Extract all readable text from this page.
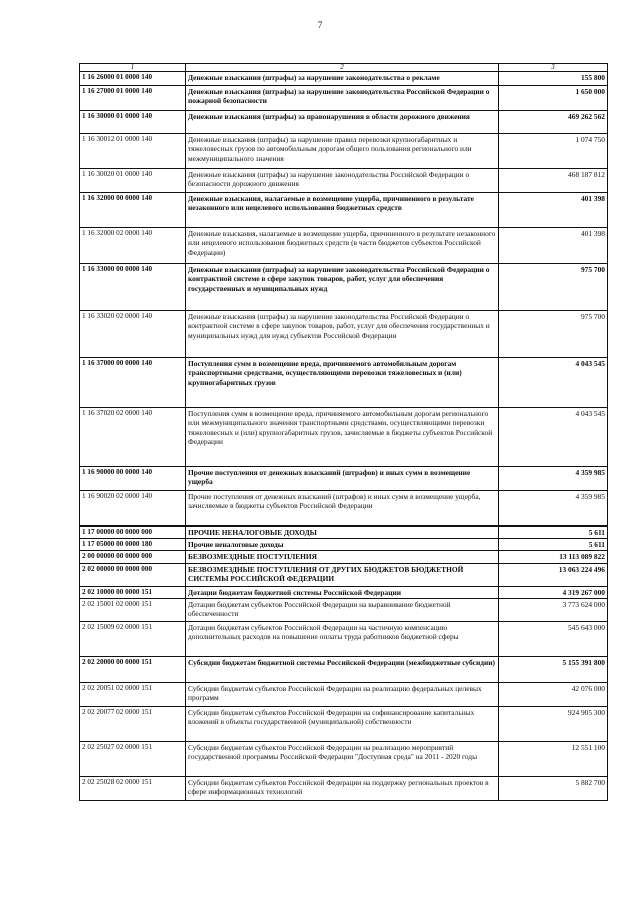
7
1	2	3
1 16 26000 01 0000 140	Денежные взыскания (штрафы) за нарушение законодательства о рекламе	155 800
1 16 27000 01 0000 140	Денежные взыскания (штрафы) за нарушение законодательства Российской Федерации о пожарной безопасности	1 650 000
1 16 30000 01 0000 140	Денежные взыскания (штрафы) за правонарушения в области дорожного движения	469 262 562
1 16 30012 01 0000 140	Денежные взыскания (штрафы) за нарушение правил перевозки крупногабаритных и тяжеловесных грузов по автомобильным дорогам общего пользования регионального или межмуниципального значения	1 074 750
1 16 30020 01 0000 140	Денежные взыскания (штрафы) за нарушение законодательства Российской Федерации о безопасности дорожного движения	468 187 812
1 16 32000 00 0000 140	Денежные взыскания, налагаемые в возмещение ущерба, причиненного в результате незаконного или нецелевого использования бюджетных средств	401 398
1 16 32000 02 0000 140	Денежные взыскания, налагаемые в возмещение ущерба, причиненного в результате незаконного или нецелевого использования бюджетных средств (в части бюджетов субъектов Российской Федерации)	401 398
1 16 33000 00 0000 140	Денежные взыскания (штрафы) за нарушение законодательства Российской Федерации о контрактной системе в сфере закупок товаров, работ, услуг для обеспечения государственных и муниципальных нужд	975 700
1 16 33020 02 0000 140	Денежные взыскания (штрафы) за нарушение законодательства Российской Федерации о контрактной системе в сфере закупок товаров, работ, услуг для обеспечения государственных и муниципальных нужд для нужд субъектов Российской Федерации	975 700
1 16 37000 00 0000 140	Поступления сумм в возмещение вреда, причиняемого автомобильным дорогам транспортными средствами, осуществляющими перевозки тяжеловесных и (или) крупногабаритных грузов	4 043 545
1 16 37020 02 0000 140	Поступления сумм в возмещение вреда, причиняемого автомобильным дорогам регионального или межмуниципального значения транспортными средствами, осуществляющими перевозки тяжеловесных и (или) крупногабаритных грузов, зачисляемые в бюджеты субъектов Российской Федерации	4 043 545
1 16 90000 00 0000 140	Прочие поступления от денежных взысканий (штрафов) и иных сумм в возмещение ущерба	4 359 985
1 16 90020 02 0000 140	Прочие поступления от денежных взысканий (штрафов) и иных сумм в возмещение ущерба, зачисляемые в бюджеты субъектов Российской Федерации	4 359 985
1 17 00000 00 0000 000	ПРОЧИЕ НЕНАЛОГОВЫЕ ДОХОДЫ	5 611
1 17 05000 00 0000 180	Прочие неналоговые доходы	5 611
2 00 00000 00 0000 000	БЕЗВОЗМЕЗДНЫЕ ПОСТУПЛЕНИЯ	13 113 089 822
2 02 00000 00 0000 000	БЕЗВОЗМЕЗДНЫЕ ПОСТУПЛЕНИЯ ОТ ДРУГИХ БЮДЖЕТОВ БЮДЖЕТНОЙ СИСТЕМЫ РОССИЙСКОЙ ФЕДЕРАЦИИ	13 063 224 496
2 02 10000 00 0000 151	Дотации бюджетам бюджетной системы Российской Федерации	4 319 267 000
2 02 15001 02 0000 151	Дотации бюджетам субъектов Российской Федерации на выравнивание бюджетной обеспеченности	3 773 624 000
2 02 15009 02 0000 151	Дотации бюджетам субъектов Российской Федерации на частичную компенсацию дополнительных расходов на повышение оплаты труда работников бюджетной сферы	545 643 000
2 02 20000 00 0000 151	Субсидии бюджетам бюджетной системы Российской Федерации (межбюджетные субсидии)	5 155 391 800
2 02 20051 02 0000 151	Субсидии бюджетам субъектов Российской Федерации на реализацию федеральных целевых программ	42 076 000
2 02 20077 02 0000 151	Субсидии бюджетам субъектов Российской Федерации на софинансирование капитальных вложений в объекты государственной (муниципальной) собственности	924 905 300
2 02 25027 02 0000 151	Субсидии бюджетам субъектов Российской Федерации на реализацию мероприятий государственной программы Российской Федерации "Доступная среда" на 2011 - 2020 годы	12 551 100
2 02 25028 02 0000 151	Субсидии бюджетам субъектов Российской Федерации на поддержку региональных проектов в сфере информационных технологий	5 882 700
